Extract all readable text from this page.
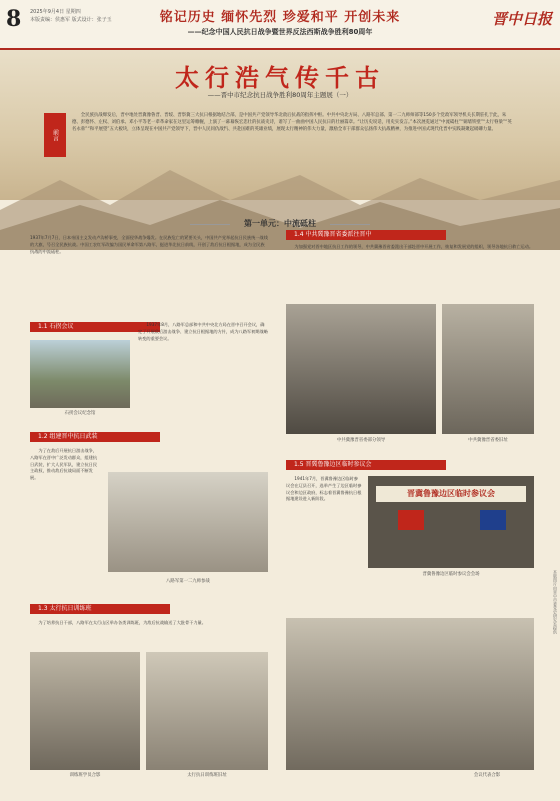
8 2025年9月4日 星期四
本版责编：侯惠军 版式设计：张子玉	铭记历史 缅怀先烈 珍爱和平 开创未来
——纪念中国人民抗日战争暨世界反法西斯战争胜利80周年
晋中日报
太行浩气传千古
——晋中市纪念抗日战争胜利80周年主题展（一）
前言
全民族抗战爆发后，晋中地处晋冀豫鲁晋、晋绥、晋察冀三大抗日根据地结合部，是中国共产党领导华北敌后抗战的指挥中枢。中共中央北方局、八路军总部、第一二九师师部等150多个党政军领导机关长期驻扎于此，朱德、彭德怀、左权、刘伯承、邓小平等老一辈革命家在这里运筹帷幄，上演了一幕幕恢宏悲壮的抗战史诗，谱写了一曲曲中国人民抗日的壮丽篇章。“让历史说话，用史实发言。”本次展览通过“中流砥柱”“铜墙铁壁”“太行脊梁”“英名永垂”“和平展望”五大板块，立体呈现在中国共产党领导下，晋中人民同仇敌忾、共赴国难的英雄业绩，展现太行精神的伟大力量，激励全市干部群众弘扬伟大抗战精神，为推进中国式现代化晋中实践凝聚起磅礴力量。
第一单元：中流砥柱
1937年7月7日，日本帝国主义发动卢沟桥事变，全面侵华战争爆发。在民族危亡的紧要关头，中国共产党举起抗日民族统一战线的大旗，号召全民族抗战。中国工农红军改编为国民革命军第八路军，挺进华北抗日前线，开创了敌后抗日根据地，成为全民族抗战的中流砥柱。
1.1 石拐会议
石拐会议纪念馆
1937年8月，八路军总部和中共中央北方局在晋中召开会议，确定了开展敌后游击战争、建立抗日根据地的方针，成为八路军初期战略转变的重要会议。
1.2 组建晋中抗日武装
为了在敌后开展抗日游击战争，八路军在晋中广泛发动群众，组建抗日武装，扩大人民军队，建立抗日民主政权，推动敌后抗战局面不断发展。
八路军第一二九师参战
1.3 太行抗日训练班
为了培养抗日干部，八路军在太行山区举办各类训练班，为敌后抗战输送了大批骨干力量。
训练班学员合影	太行抗日训练班旧址
1.4 中共冀豫晋省委派往晋中
为加强党对晋中地区抗日工作的领导，中共冀豫晋省委派出干部赴晋中开展工作，恢复和发展党的组织，领导各地抗日救亡运动。
中共冀豫晋省委部分领导	中共冀豫晋省委旧址
1.5 晋冀鲁豫边区临时参议会
1941年7月，晋冀鲁豫边区临时参议会在辽县召开，选举产生了边区临时参议会和边区政府，标志着晋冀鲁豫抗日根据地建设进入新阶段。
晋冀鲁豫边区临时参议会
晋冀鲁豫边区临时参议会会场
会议代表合影
本版图片由晋中市委党史研究室提供
